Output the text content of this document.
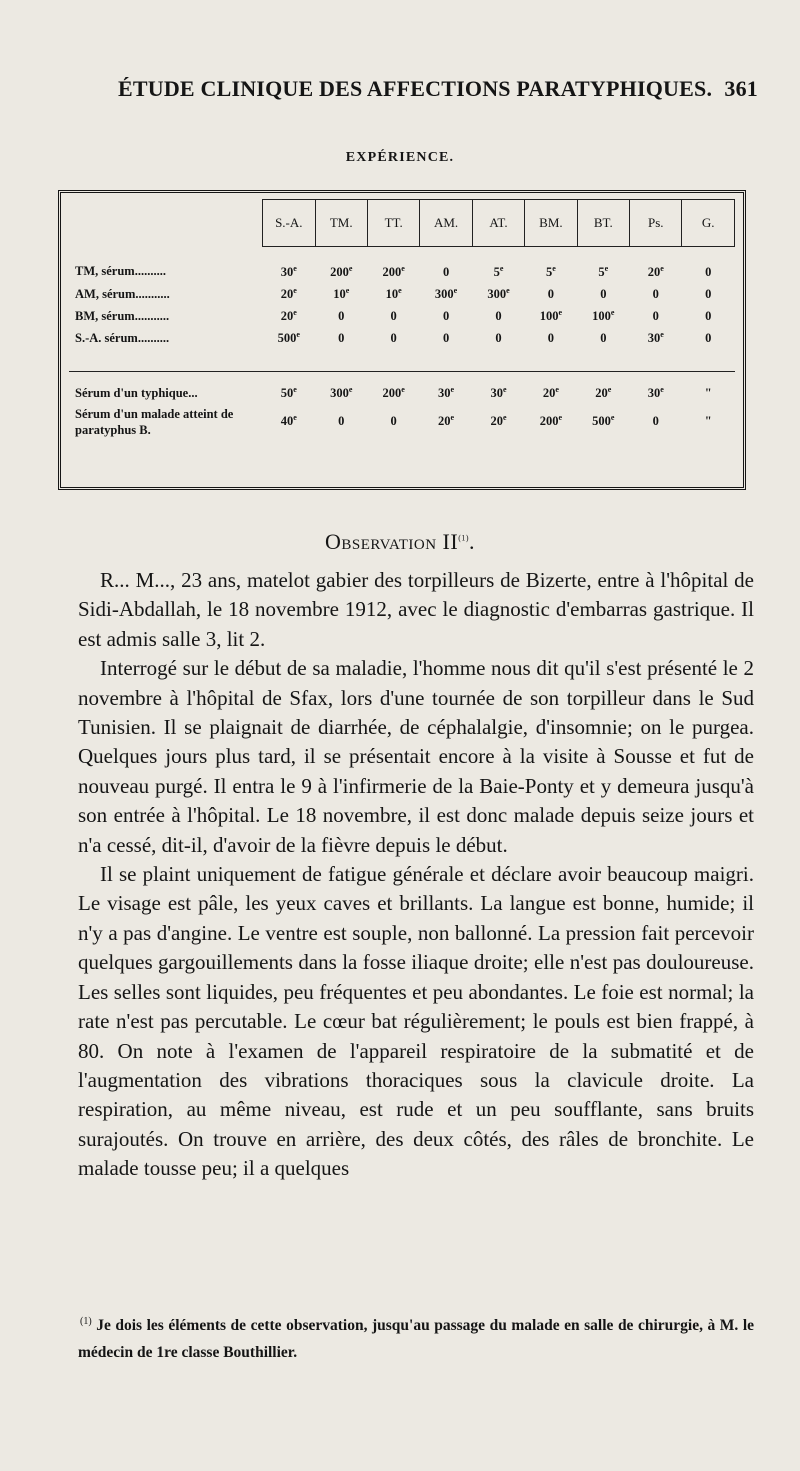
ÉTUDE CLINIQUE DES AFFECTIONS PARATYPHIQUES. 361
EXPÉRIENCE.
	S.-A.	TM.	TT.	AM.	AT.	BM.	BT.	Ps.	G.
TM, sérum..........	30e	200e	200e	0	5e	5e	5e	20e	0
AM, sérum...........	20e	10e	10e	300e	300e	0	0	0	0
BM, sérum...........	20e	0	0	0	0	100e	100e	0	0
S.-A. sérum..........	500e	0	0	0	0	0	0	30e	0

Sérum d'un typhique...	50e	300e	200e	30e	30e	20e	20e	30e	"
Sérum d'un malade atteint de paratyphus B.	40e	0	0	20e	20e	200e	500e	0	"
Observation II$^{(1)}$.

R... M..., 23 ans, matelot gabier des torpilleurs de Bizerte, entre à l'hôpital de Sidi-Abdallah, le 18 novembre 1912, avec le diagnostic d'embarras gastrique. Il est admis salle 3, lit 2.

Interrogé sur le début de sa maladie, l'homme nous dit qu'il s'est présenté le 2 novembre à l'hôpital de Sfax, lors d'une tournée de son torpilleur dans le Sud Tunisien. Il se plaignait de diarrhée, de céphalalgie, d'insomnie; on le purgea. Quelques jours plus tard, il se présentait encore à la visite à Sousse et fut de nouveau purgé. Il entra le 9 à l'infirmerie de la Baie-Ponty et y demeura jusqu'à son entrée à l'hôpital. Le 18 novembre, il est donc malade depuis seize jours et n'a cessé, dit-il, d'avoir de la fièvre depuis le début.

Il se plaint uniquement de fatigue générale et déclare avoir beaucoup maigri. Le visage est pâle, les yeux caves et brillants. La langue est bonne, humide; il n'y a pas d'angine. Le ventre est souple, non ballonné. La pression fait percevoir quelques gargouillements dans la fosse iliaque droite; elle n'est pas douloureuse. Les selles sont liquides, peu fréquentes et peu abondantes. Le foie est normal; la rate n'est pas percutable. Le cœur bat régulièrement; le pouls est bien frappé, à 80. On note à l'examen de l'appareil respiratoire de la submatité et de l'augmentation des vibrations thoraciques sous la clavicule droite. La respiration, au même niveau, est rude et un peu soufflante, sans bruits surajoutés. On trouve en arrière, des deux côtés, des râles de bronchite. Le malade tousse peu; il a quelques

$^{(1)}$ Je dois les éléments de cette observation, jusqu'au passage du malade en salle de chirurgie, à M. le médecin de 1re classe Bouthillier.
